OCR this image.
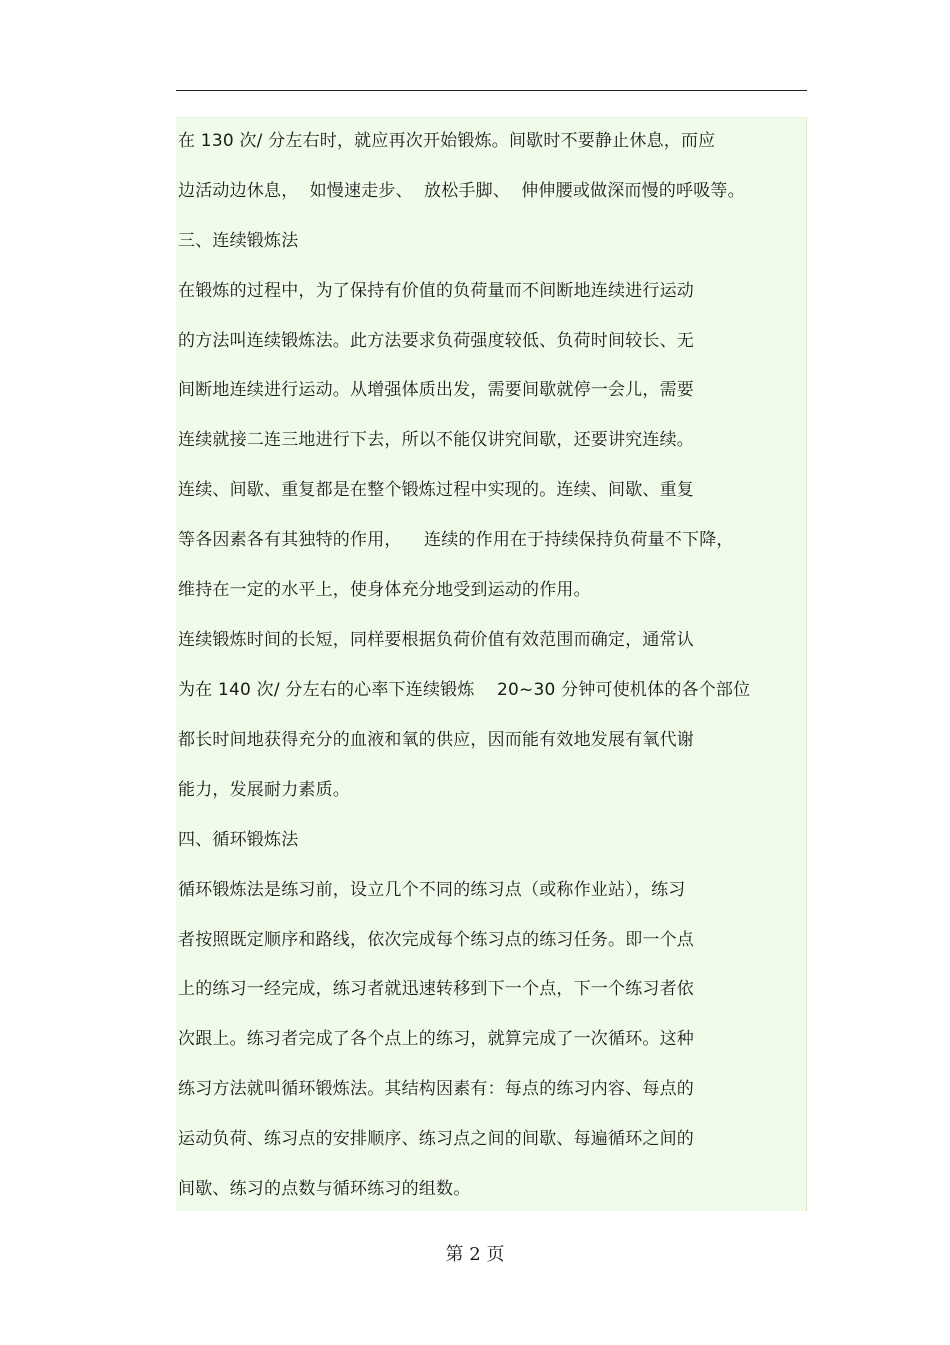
在 130 次/ 分左右时，就应再次开始锻炼。间歇时不要静止休息，而应
边活动边休息，  如慢速走步、  放松手脚、  伸伸腰或做深而慢的呼吸等。
三、连续锻炼法
在锻炼的过程中，为了保持有价值的负荷量而不间断地连续进行运动
的方法叫连续锻炼法。此方法要求负荷强度较低、负荷时间较长、无
间断地连续进行运动。从增强体质出发，需要间歇就停一会儿，需要
连续就接二连三地进行下去，所以不能仅讲究间歇，还要讲究连续。
连续、间歇、重复都是在整个锻炼过程中实现的。连续、间歇、重复
等各因素各有其独特的作用，    连续的作用在于持续保持负荷量不下降，
维持在一定的水平上，使身体充分地受到运动的作用。
连续锻炼时间的长短，同样要根据负荷价值有效范围而确定，通常认
为在 140 次/ 分左右的心率下连续锻炼    20~30 分钟可使机体的各个部位
都长时间地获得充分的血液和氧的供应，因而能有效地发展有氧代谢
能力，发展耐力素质。
四、循环锻炼法
循环锻炼法是练习前，设立几个不同的练习点（或称作业站），练习
者按照既定顺序和路线，依次完成每个练习点的练习任务。即一个点
上的练习一经完成，练习者就迅速转移到下一个点，下一个练习者依
次跟上。练习者完成了各个点上的练习，就算完成了一次循环。这种
练习方法就叫循环锻炼法。其结构因素有：每点的练习内容、每点的
运动负荷、练习点的安排顺序、练习点之间的间歇、每遍循环之间的
间歇、练习的点数与循环练习的组数。
第 2 页
